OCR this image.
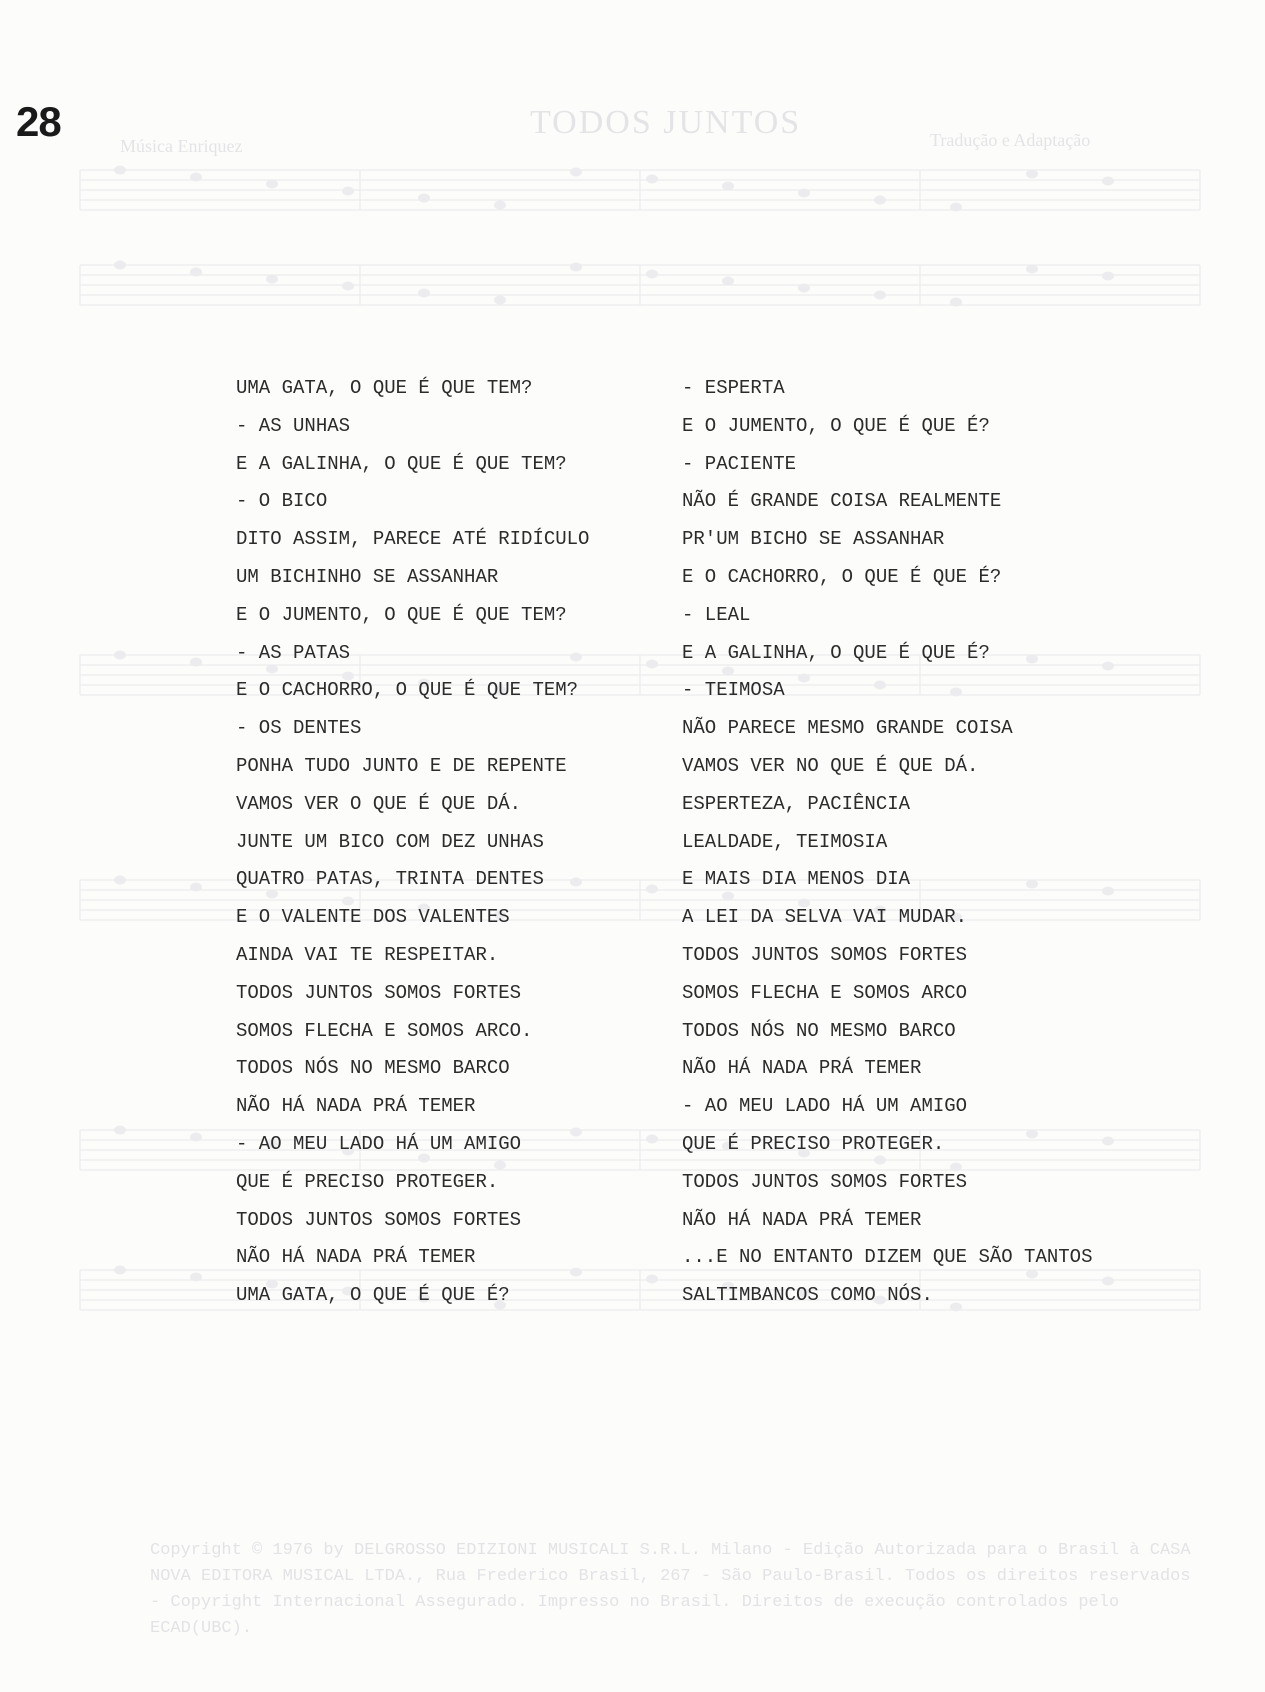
TODOS JUNTOS
Música Enriquez	Tradução e Adaptação
Copyright © 1976 by DELGROSSO EDIZIONI MUSICALI S.R.L. Milano - Edição Autorizada para o Brasil à CASA NOVA EDITORA MUSICAL LTDA., Rua Frederico Brasil, 267 - São Paulo-Brasil. Todos os direitos reservados - Copyright Internacional Assegurado. Impresso no Brasil. Direitos de execução controlados pelo ECAD(UBC).
28
UMA GATA, O QUE É QUE TEM?
- AS UNHAS
E A GALINHA, O QUE É QUE TEM?
- O BICO
DITO ASSIM, PARECE ATÉ RIDÍCULO
UM BICHINHO SE ASSANHAR
E O JUMENTO, O QUE É QUE TEM?
- AS PATAS
E O CACHORRO, O QUE É QUE TEM?
- OS DENTES
PONHA TUDO JUNTO E DE REPENTE
VAMOS VER O QUE É QUE DÁ.
JUNTE UM BICO COM DEZ UNHAS
QUATRO PATAS, TRINTA DENTES
E O VALENTE DOS VALENTES
AINDA VAI TE RESPEITAR.
TODOS JUNTOS SOMOS FORTES
SOMOS FLECHA E SOMOS ARCO.
TODOS NÓS NO MESMO BARCO
NÃO HÁ NADA PRÁ TEMER
- AO MEU LADO HÁ UM AMIGO
QUE É PRECISO PROTEGER.
TODOS JUNTOS SOMOS FORTES
NÃO HÁ NADA PRÁ TEMER
UMA GATA, O QUE É QUE É?
- ESPERTA
E O JUMENTO, O QUE É QUE É?
- PACIENTE
NÃO É GRANDE COISA REALMENTE
PR'UM BICHO SE ASSANHAR
E O CACHORRO, O QUE É QUE É?
- LEAL
E A GALINHA, O QUE É QUE É?
- TEIMOSA
NÃO PARECE MESMO GRANDE COISA
VAMOS VER NO QUE É QUE DÁ.
ESPERTEZA, PACIÊNCIA
LEALDADE, TEIMOSIA
E MAIS DIA MENOS DIA
A LEI DA SELVA VAI MUDAR.
TODOS JUNTOS SOMOS FORTES
SOMOS FLECHA E SOMOS ARCO
TODOS NÓS NO MESMO BARCO
NÃO HÁ NADA PRÁ TEMER
- AO MEU LADO HÁ UM AMIGO
QUE É PRECISO PROTEGER.
TODOS JUNTOS SOMOS FORTES
NÃO HÁ NADA PRÁ TEMER
...E NO ENTANTO DIZEM QUE SÃO TANTOS
SALTIMBANCOS COMO NÓS.
